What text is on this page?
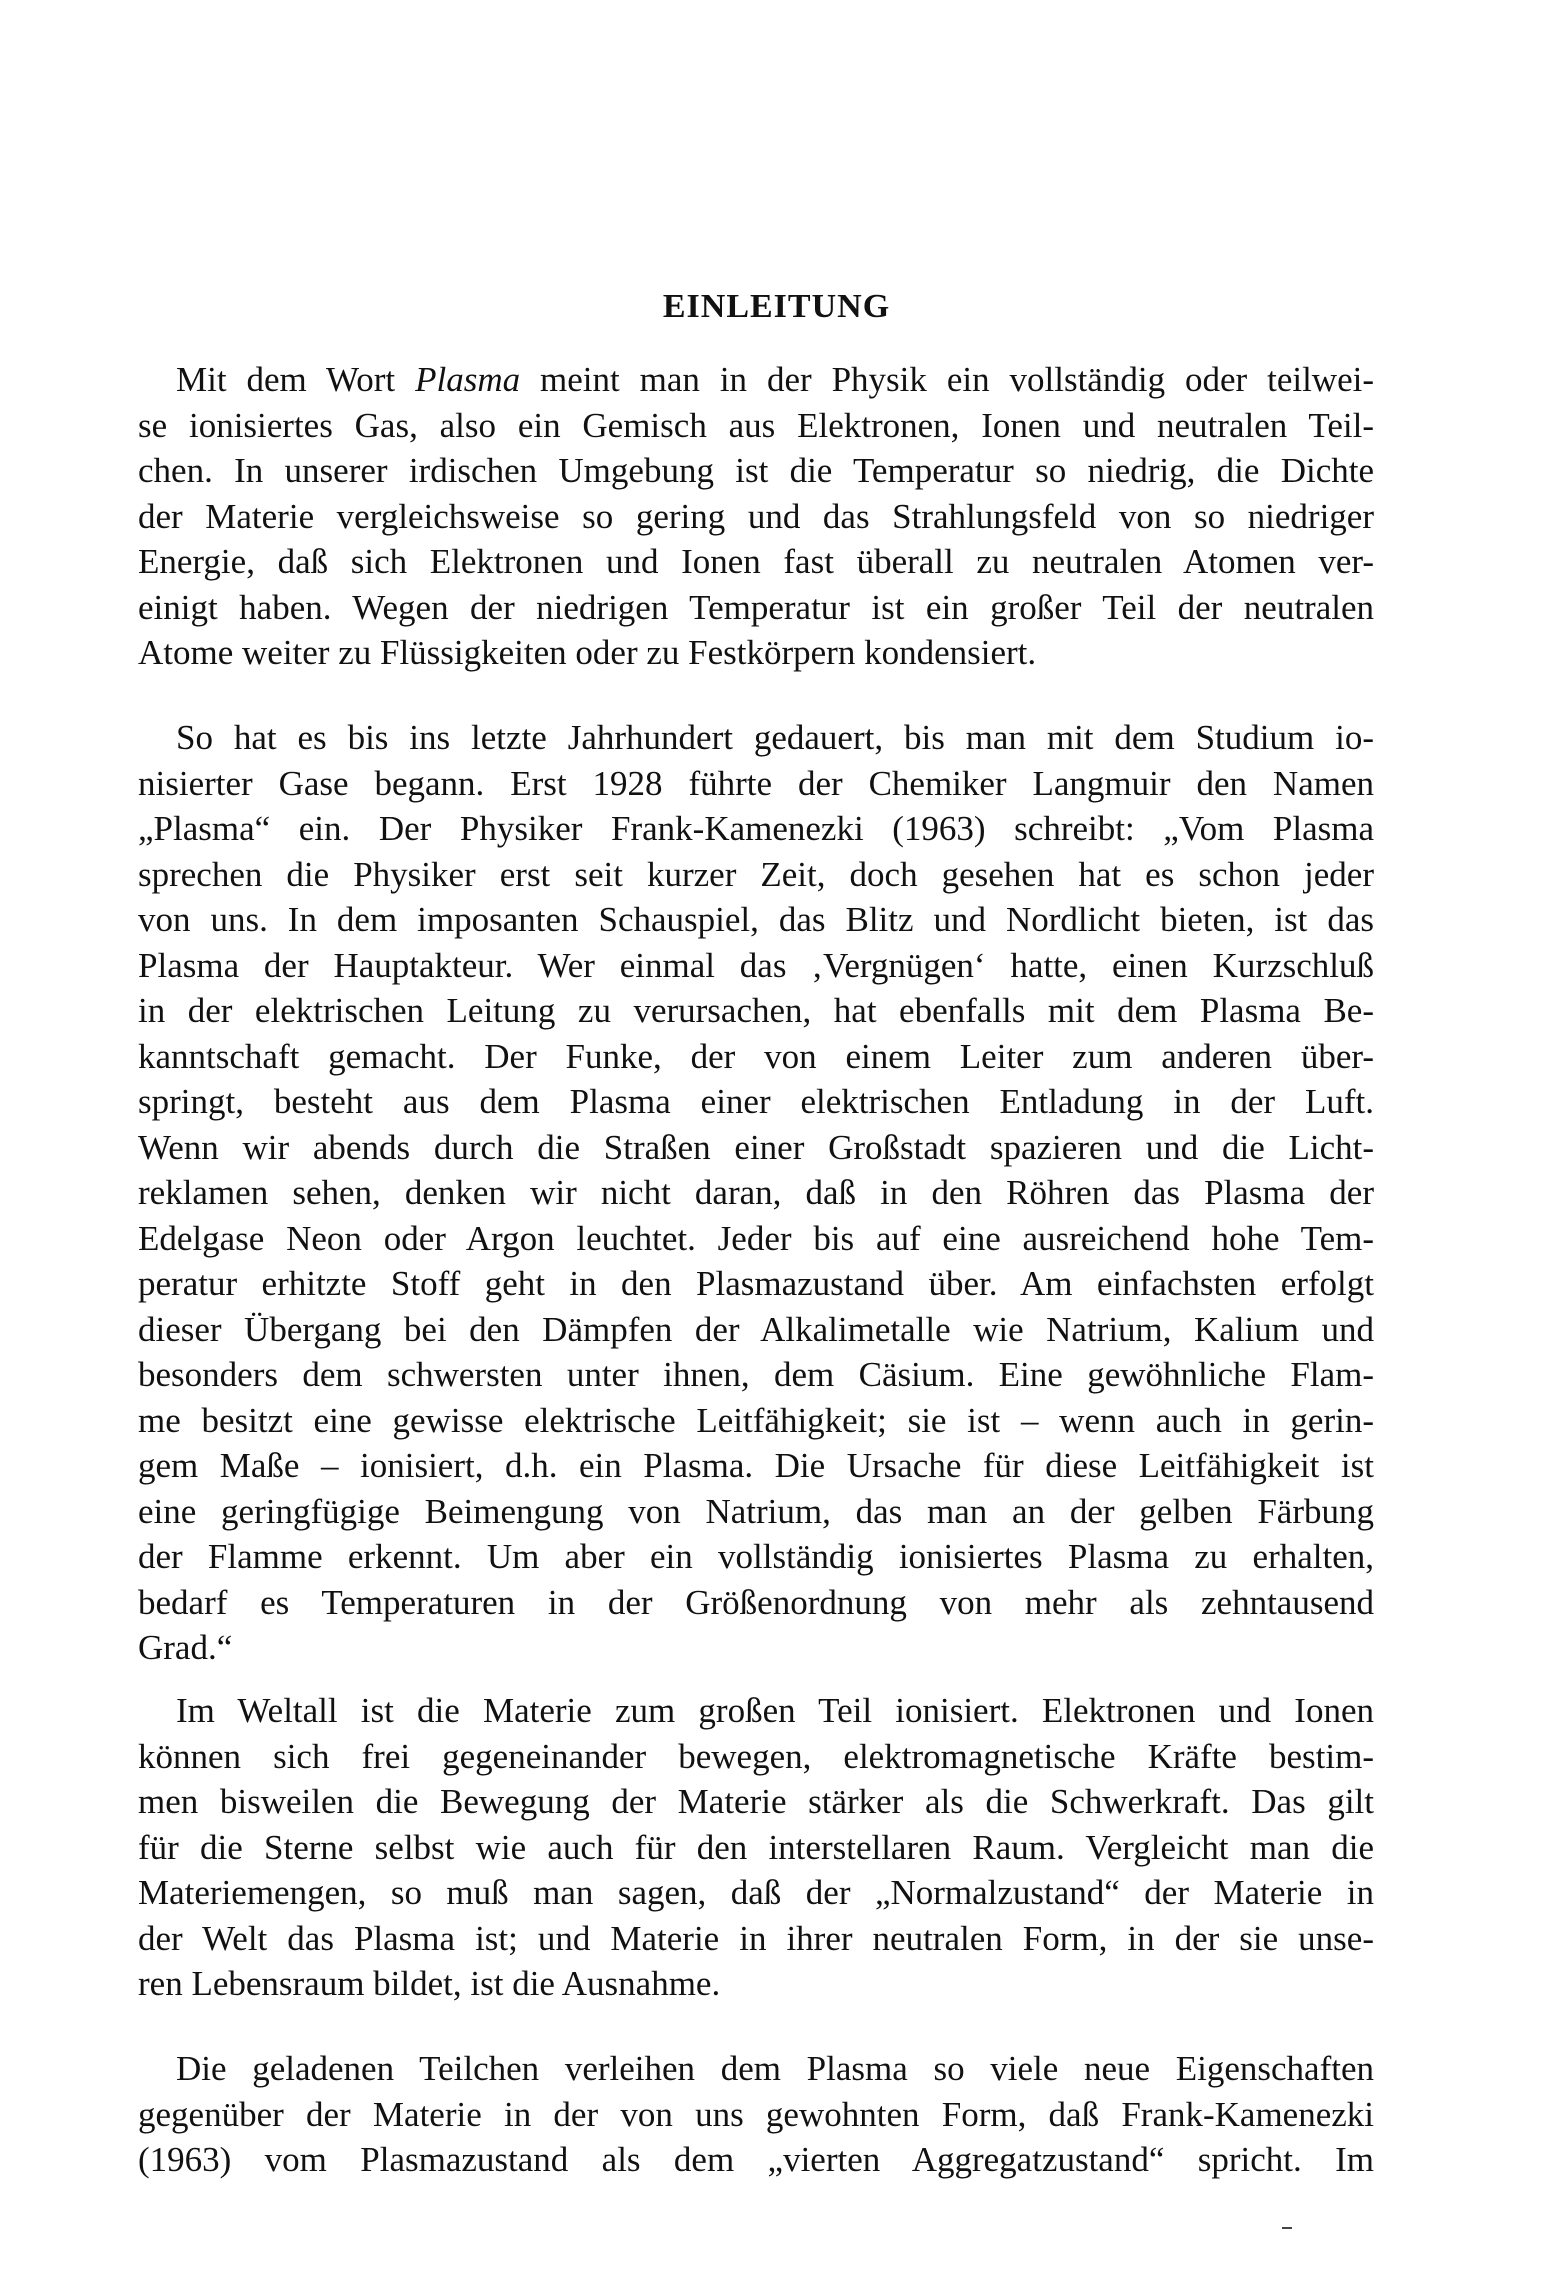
EINLEITUNG
Mit dem Wort Plasma meint man in der Physik ein vollständig oder teilwei-
se ionisiertes Gas, also ein Gemisch aus Elektronen, Ionen und neutralen Teil-
chen. In unserer irdischen Umgebung ist die Temperatur so niedrig, die Dichte
der Materie vergleichsweise so gering und das Strahlungsfeld von so niedriger
Energie, daß sich Elektronen und Ionen fast überall zu neutralen Atomen ver-
einigt haben. Wegen der niedrigen Temperatur ist ein großer Teil der neutralen
Atome weiter zu Flüssigkeiten oder zu Festkörpern kondensiert.
So hat es bis ins letzte Jahrhundert gedauert, bis man mit dem Studium io-
nisierter Gase begann. Erst 1928 führte der Chemiker Langmuir den Namen
„Plasma“ ein. Der Physiker Frank-Kamenezki (1963) schreibt: „Vom Plasma
sprechen die Physiker erst seit kurzer Zeit, doch gesehen hat es schon jeder
von uns. In dem imposanten Schauspiel, das Blitz und Nordlicht bieten, ist das
Plasma der Hauptakteur. Wer einmal das ‚Vergnügen‘ hatte, einen Kurzschluß
in der elektrischen Leitung zu verursachen, hat ebenfalls mit dem Plasma Be-
kanntschaft gemacht. Der Funke, der von einem Leiter zum anderen über-
springt, besteht aus dem Plasma einer elektrischen Entladung in der Luft.
Wenn wir abends durch die Straßen einer Großstadt spazieren und die Licht-
reklamen sehen, denken wir nicht daran, daß in den Röhren das Plasma der
Edelgase Neon oder Argon leuchtet. Jeder bis auf eine ausreichend hohe Tem-
peratur erhitzte Stoff geht in den Plasmazustand über. Am einfachsten erfolgt
dieser Übergang bei den Dämpfen der Alkalimetalle wie Natrium, Kalium und
besonders dem schwersten unter ihnen, dem Cäsium. Eine gewöhnliche Flam-
me besitzt eine gewisse elektrische Leitfähigkeit; sie ist – wenn auch in gerin-
gem Maße – ionisiert, d.h. ein Plasma. Die Ursache für diese Leitfähigkeit ist
eine geringfügige Beimengung von Natrium, das man an der gelben Färbung
der Flamme erkennt. Um aber ein vollständig ionisiertes Plasma zu erhalten,
bedarf es Temperaturen in der Größenordnung von mehr als zehntausend
Grad.“
Im Weltall ist die Materie zum großen Teil ionisiert. Elektronen und Ionen
können sich frei gegeneinander bewegen, elektromagnetische Kräfte bestim-
men bisweilen die Bewegung der Materie stärker als die Schwerkraft. Das gilt
für die Sterne selbst wie auch für den interstellaren Raum. Vergleicht man die
Materiemengen, so muß man sagen, daß der „Normalzustand“ der Materie in
der Welt das Plasma ist; und Materie in ihrer neutralen Form, in der sie unse-
ren Lebensraum bildet, ist die Ausnahme.
Die geladenen Teilchen verleihen dem Plasma so viele neue Eigenschaften
gegenüber der Materie in der von uns gewohnten Form, daß Frank-Kamenezki
(1963) vom Plasmazustand als dem „vierten Aggregatzustand“ spricht. Im
